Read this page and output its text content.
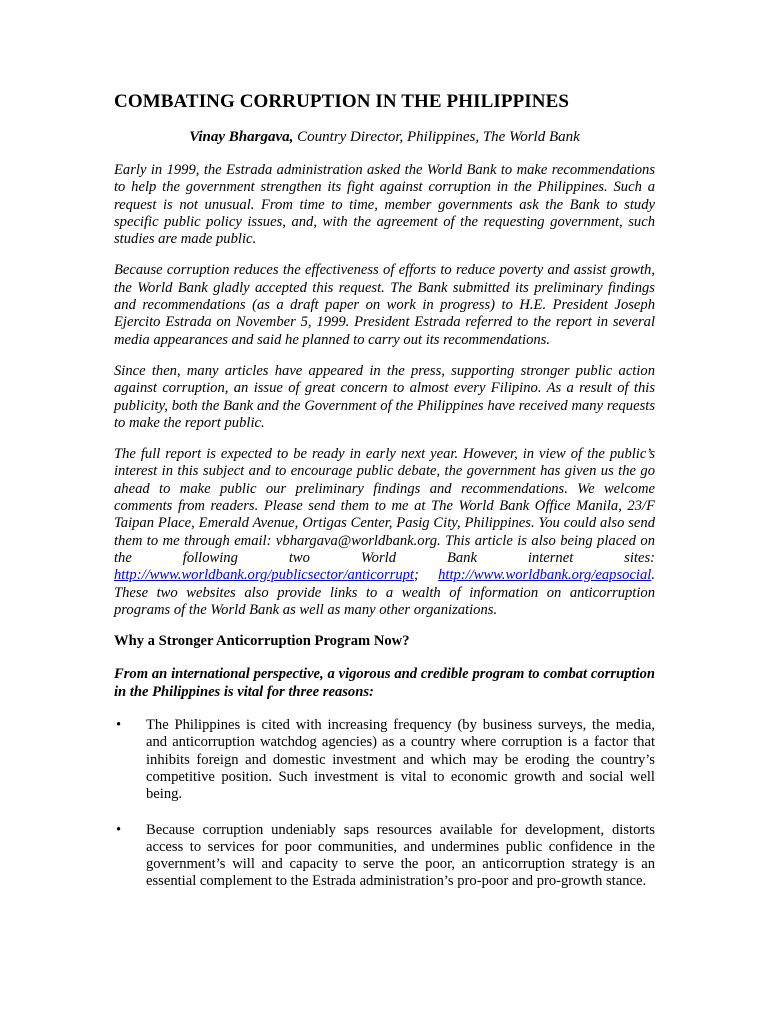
COMBATING CORRUPTION IN THE PHILIPPINES
Vinay Bhargava, Country Director, Philippines, The World Bank

Early in 1999, the Estrada administration asked the World Bank to make recommendations to help the government strengthen its fight against corruption in the Philippines. Such a request is not unusual. From time to time, member governments ask the Bank to study specific public policy issues, and, with the agreement of the requesting government, such studies are made public.

Because corruption reduces the effectiveness of efforts to reduce poverty and assist growth, the World Bank gladly accepted this request. The Bank submitted its preliminary findings and recommendations (as a draft paper on work in progress) to H.E. President Joseph Ejercito Estrada on November 5, 1999. President Estrada referred to the report in several media appearances and said he planned to carry out its recommendations.

Since then, many articles have appeared in the press, supporting stronger public action against corruption, an issue of great concern to almost every Filipino. As a result of this publicity, both the Bank and the Government of the Philippines have received many requests to make the report public.

The full report is expected to be ready in early next year. However, in view of the public’s interest in this subject and to encourage public debate, the government has given us the go ahead to make public our preliminary findings and recommendations. We welcome comments from readers. Please send them to me at The World Bank Office Manila, 23/F Taipan Place, Emerald Avenue, Ortigas Center, Pasig City, Philippines. You could also send them to me through email: vbhargava@worldbank.org. This article is also being placed on the following two World Bank internet sites: http://www.worldbank.org/publicsector/anticorrupt; http://www.worldbank.org/eapsocial. These two websites also provide links to a wealth of information on anticorruption programs of the World Bank as well as many other organizations.

Why a Stronger Anticorruption Program Now?

From an international perspective, a vigorous and credible program to combat corruption in the Philippines is vital for three reasons:

• The Philippines is cited with increasing frequency (by business surveys, the media, and anticorruption watchdog agencies) as a country where corruption is a factor that inhibits foreign and domestic investment and which may be eroding the country’s competitive position. Such investment is vital to economic growth and social well being.
• Because corruption undeniably saps resources available for development, distorts access to services for poor communities, and undermines public confidence in the government’s will and capacity to serve the poor, an anticorruption strategy is an essential complement to the Estrada administration’s pro-poor and pro-growth stance.
